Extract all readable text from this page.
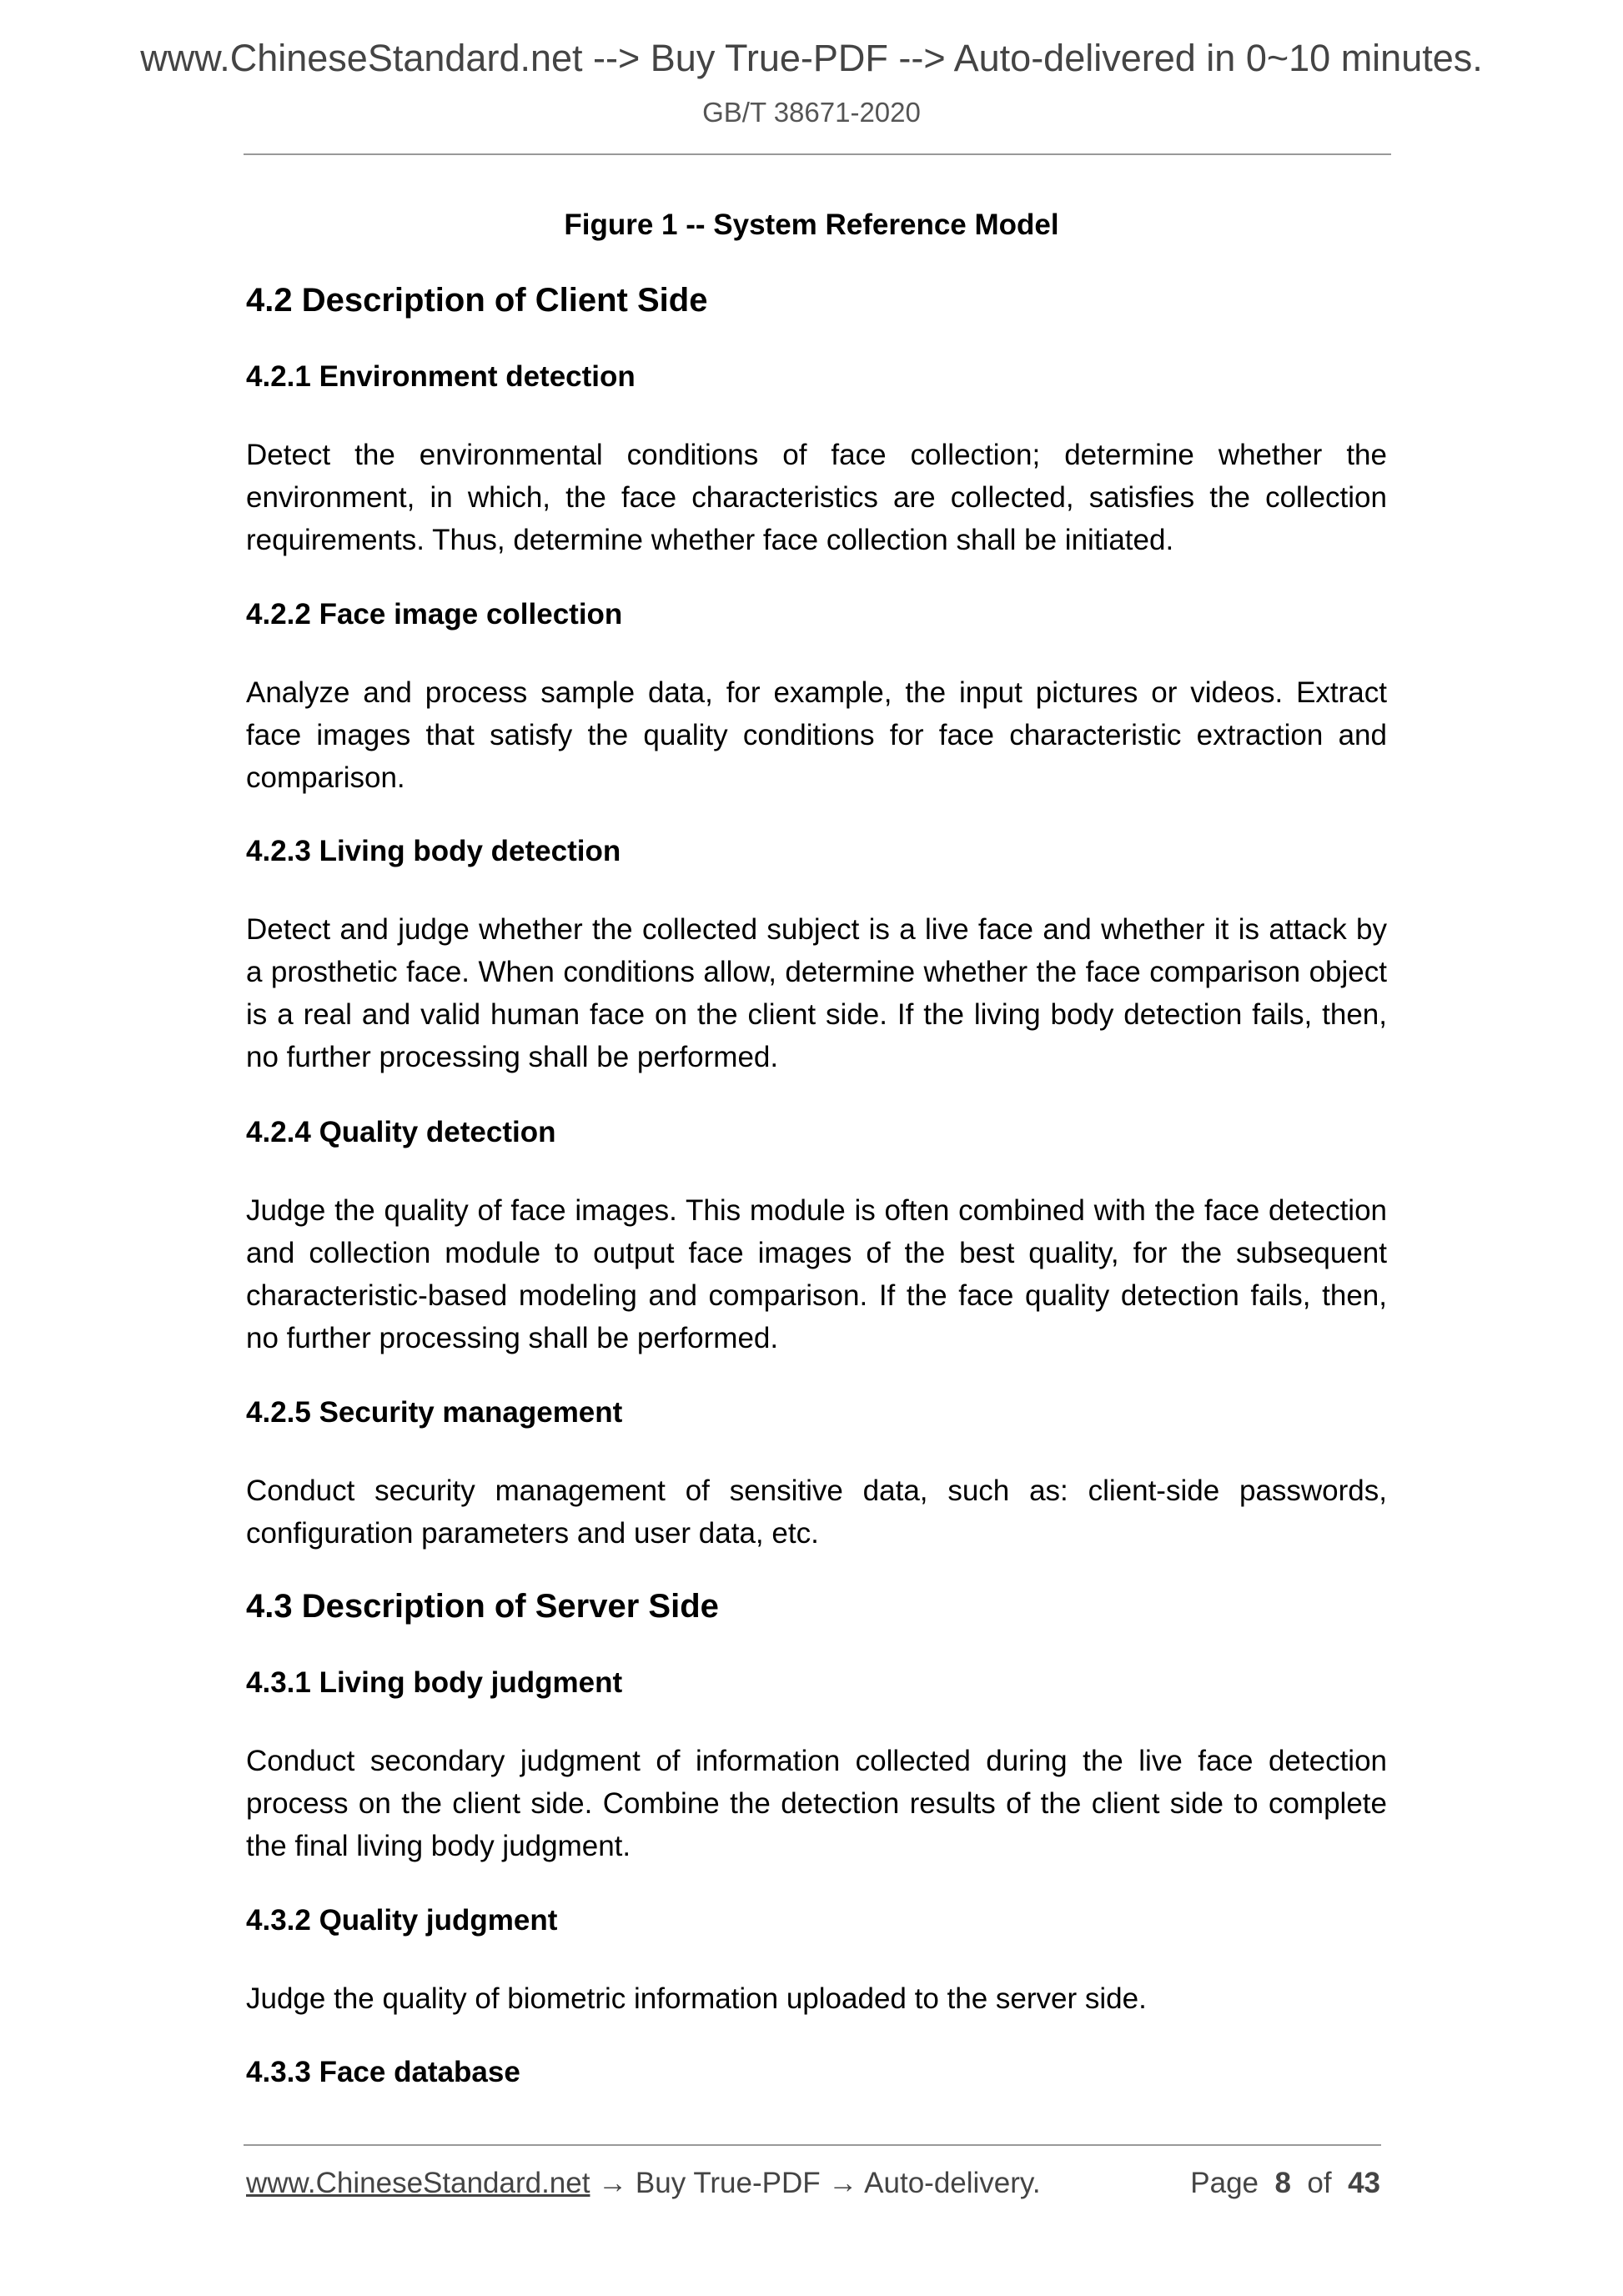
www.ChineseStandard.net --> Buy True-PDF --> Auto-delivered in 0~10 minutes.
GB/T 38671-2020
Figure 1 -- System Reference Model
4.2 Description of Client Side
4.2.1 Environment detection
Detect the environmental conditions of face collection; determine whether the environment, in which, the face characteristics are collected, satisfies the collection requirements. Thus, determine whether face collection shall be initiated.
4.2.2 Face image collection
Analyze and process sample data, for example, the input pictures or videos. Extract face images that satisfy the quality conditions for face characteristic extraction and comparison.
4.2.3 Living body detection
Detect and judge whether the collected subject is a live face and whether it is attack by a prosthetic face. When conditions allow, determine whether the face comparison object is a real and valid human face on the client side. If the living body detection fails, then, no further processing shall be performed.
4.2.4 Quality detection
Judge the quality of face images. This module is often combined with the face detection and collection module to output face images of the best quality, for the subsequent characteristic-based modeling and comparison. If the face quality detection fails, then, no further processing shall be performed.
4.2.5 Security management
Conduct security management of sensitive data, such as: client-side passwords, configuration parameters and user data, etc.
4.3 Description of Server Side
4.3.1 Living body judgment
Conduct secondary judgment of information collected during the live face detection process on the client side. Combine the detection results of the client side to complete the final living body judgment.
4.3.2 Quality judgment
Judge the quality of biometric information uploaded to the server side.
4.3.3 Face database
www.ChineseStandard.net → Buy True-PDF → Auto-delivery.	Page 8 of 43
